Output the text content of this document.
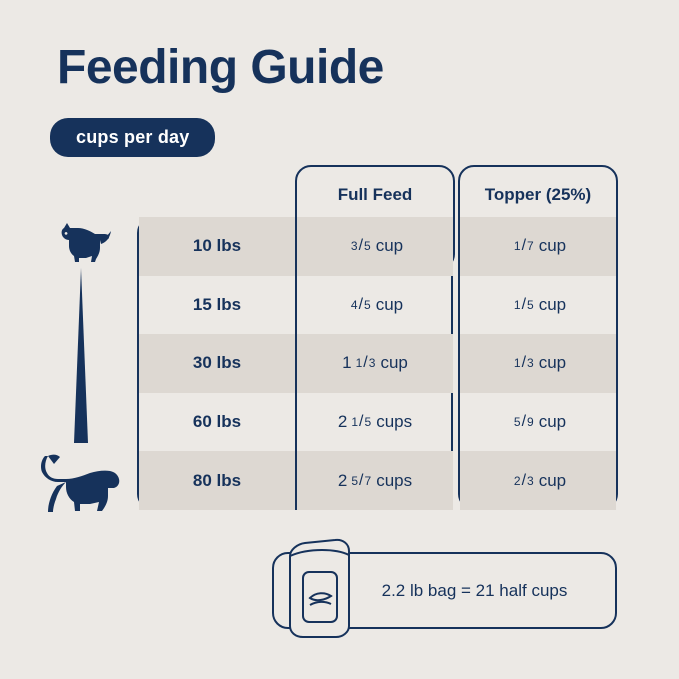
Feeding Guide
cups per day
Full Feed	Topper (25%)
10 lbs	3 / 5 cup	1 / 7 cup
15 lbs	4 / 5 cup	1 / 5 cup
30 lbs	1 1 / 3 cup	1 / 3 cup
60 lbs	2 1 / 5 cups	5 / 9 cup
80 lbs	2 5 / 7 cups	2 / 3 cup
2.2 lb bag = 21 half cups
